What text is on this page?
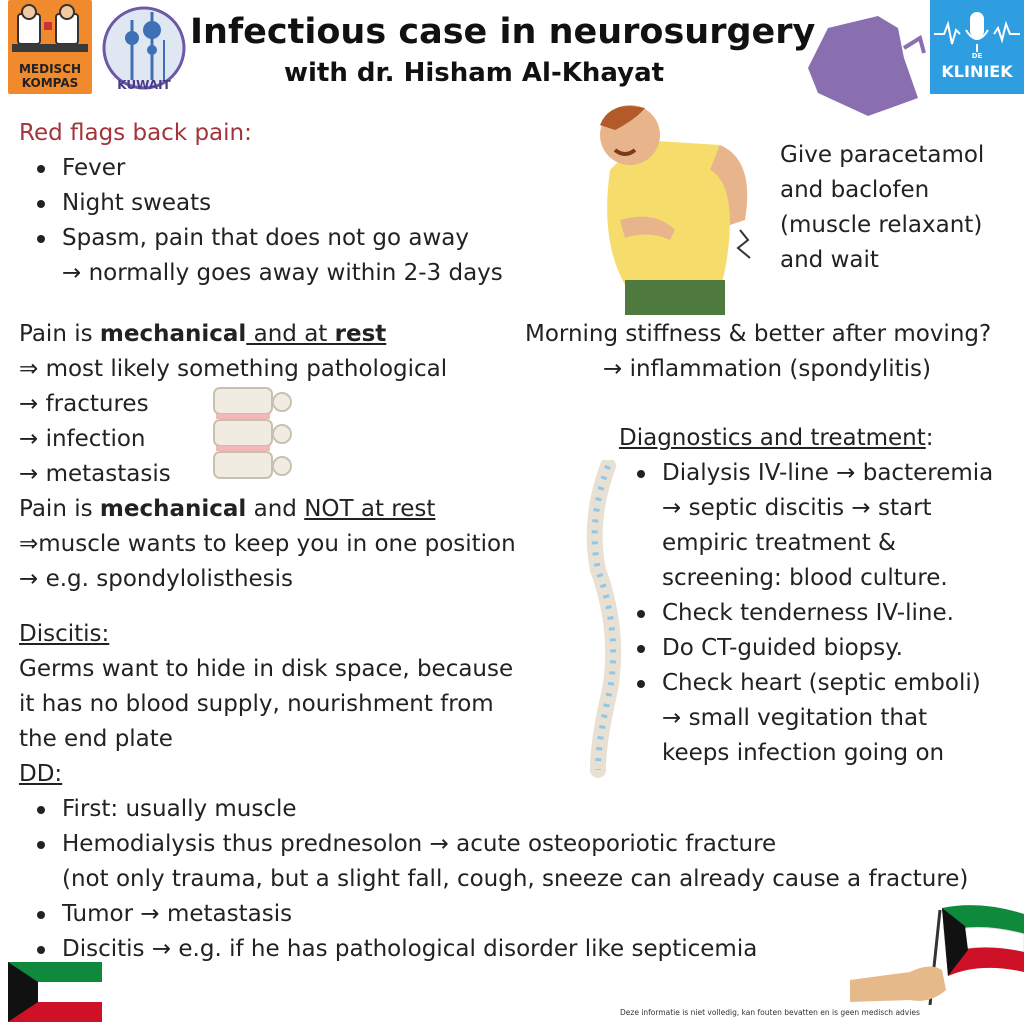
MEDISCH
KOMPAS	KUWAIT
Infectious case in neurosurgery
with dr. Hisham Al-Khayat
DE
KLINIEK
Red flags back pain:
Fever
Night sweats
Spasm, pain that does not go away
→ normally goes away within 2-3 days
Give paracetamol
and baclofen
(muscle relaxant)
and wait
Pain is mechanical and at rest
⇒ most likely something pathological
→ fractures
→ infection
→ metastasis
Pain is mechanical and NOT at rest
⇒muscle wants to keep you in one position
→ e.g. spondylolisthesis
Morning stiffness & better after moving?
→ inflammation (spondylitis)
Diagnostics and treatment:
Dialysis IV-line → bacteremia
→ septic discitis → start
empiric treatment &
screening: blood culture.
Check tenderness IV-line.
Do CT-guided biopsy.
Check heart (septic emboli)
→ small vegitation that
keeps infection going on
Discitis:
Germs want to hide in disk space, because
it has no blood supply, nourishment from
the end plate
DD:
First: usually muscle
Hemodialysis thus prednesolon → acute osteoporiotic fracture
(not only trauma, but a slight fall, cough, sneeze can already cause a fracture)
Tumor → metastasis
Discitis → e.g. if he has pathological disorder like septicemia
Deze informatie is niet volledig, kan fouten bevatten en is geen medisch advies
